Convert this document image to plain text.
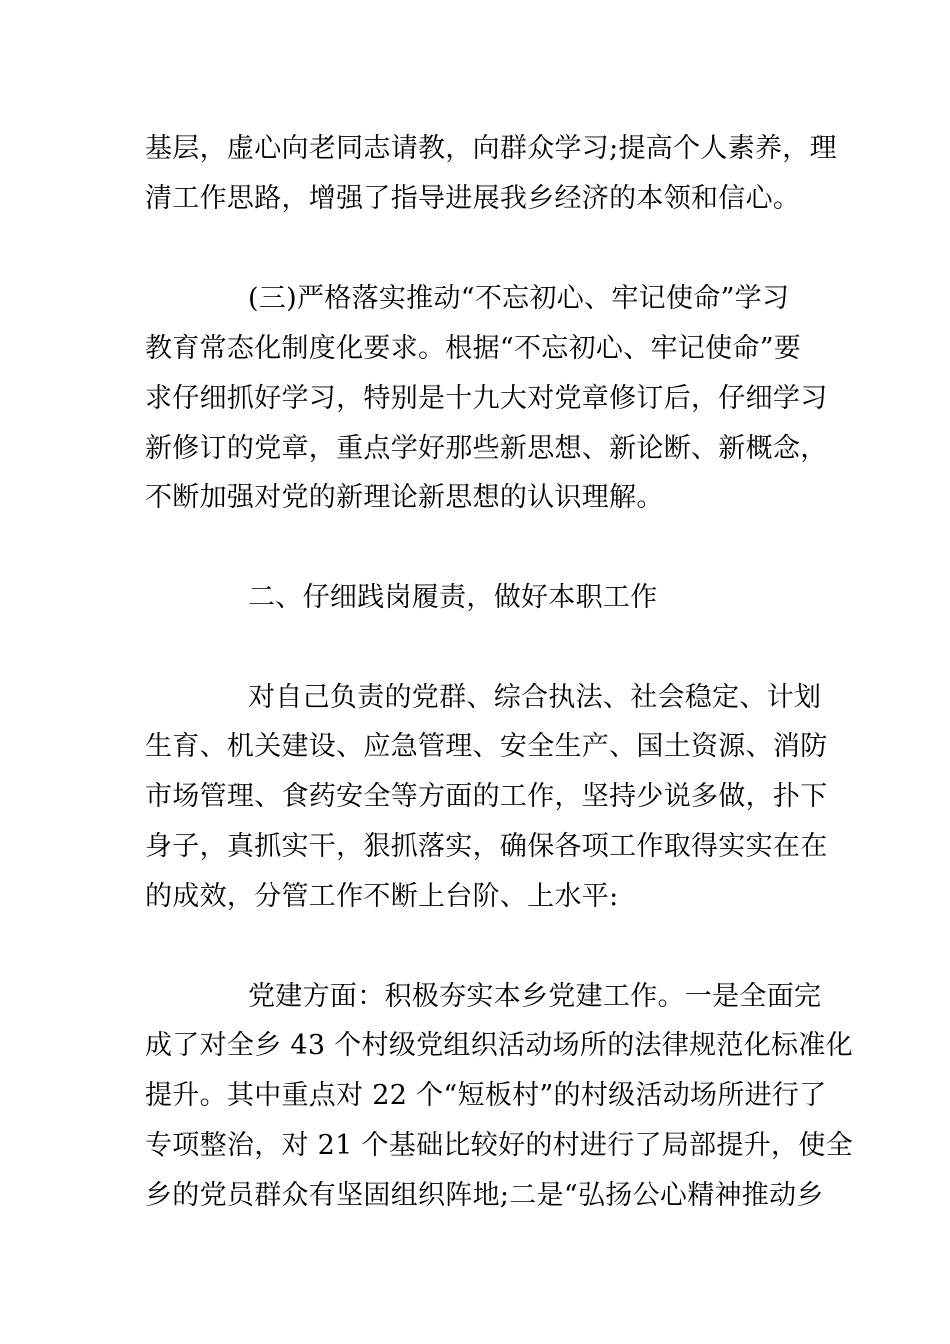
基层，虚心向老同志请教，向群众学习;提高个人素养，理
清工作思路，增强了指导进展我乡经济的本领和信心。
(三)严格落实推动“不忘初心、牢记使命”学习
教育常态化制度化要求。根据“不忘初心、牢记使命”要
求仔细抓好学习，特别是十九大对党章修订后，仔细学习
新修订的党章，重点学好那些新思想、新论断、新概念，
不断加强对党的新理论新思想的认识理解。
二、仔细践岗履责，做好本职工作
对自己负责的党群、综合执法、社会稳定、计划
生育、机关建设、应急管理、安全生产、国土资源、消防
市场管理、食药安全等方面的工作，坚持少说多做，扑下
身子，真抓实干，狠抓落实，确保各项工作取得实实在在
的成效，分管工作不断上台阶、上水平:
党建方面：积极夯实本乡党建工作。一是全面完
成了对全乡 43 个村级党组织活动场所的法律规范化标准化
提升。其中重点对 22 个“短板村”的村级活动场所进行了
专项整治，对 21 个基础比较好的村进行了局部提升，使全
乡的党员群众有坚固组织阵地;二是“弘扬公心精神推动乡
